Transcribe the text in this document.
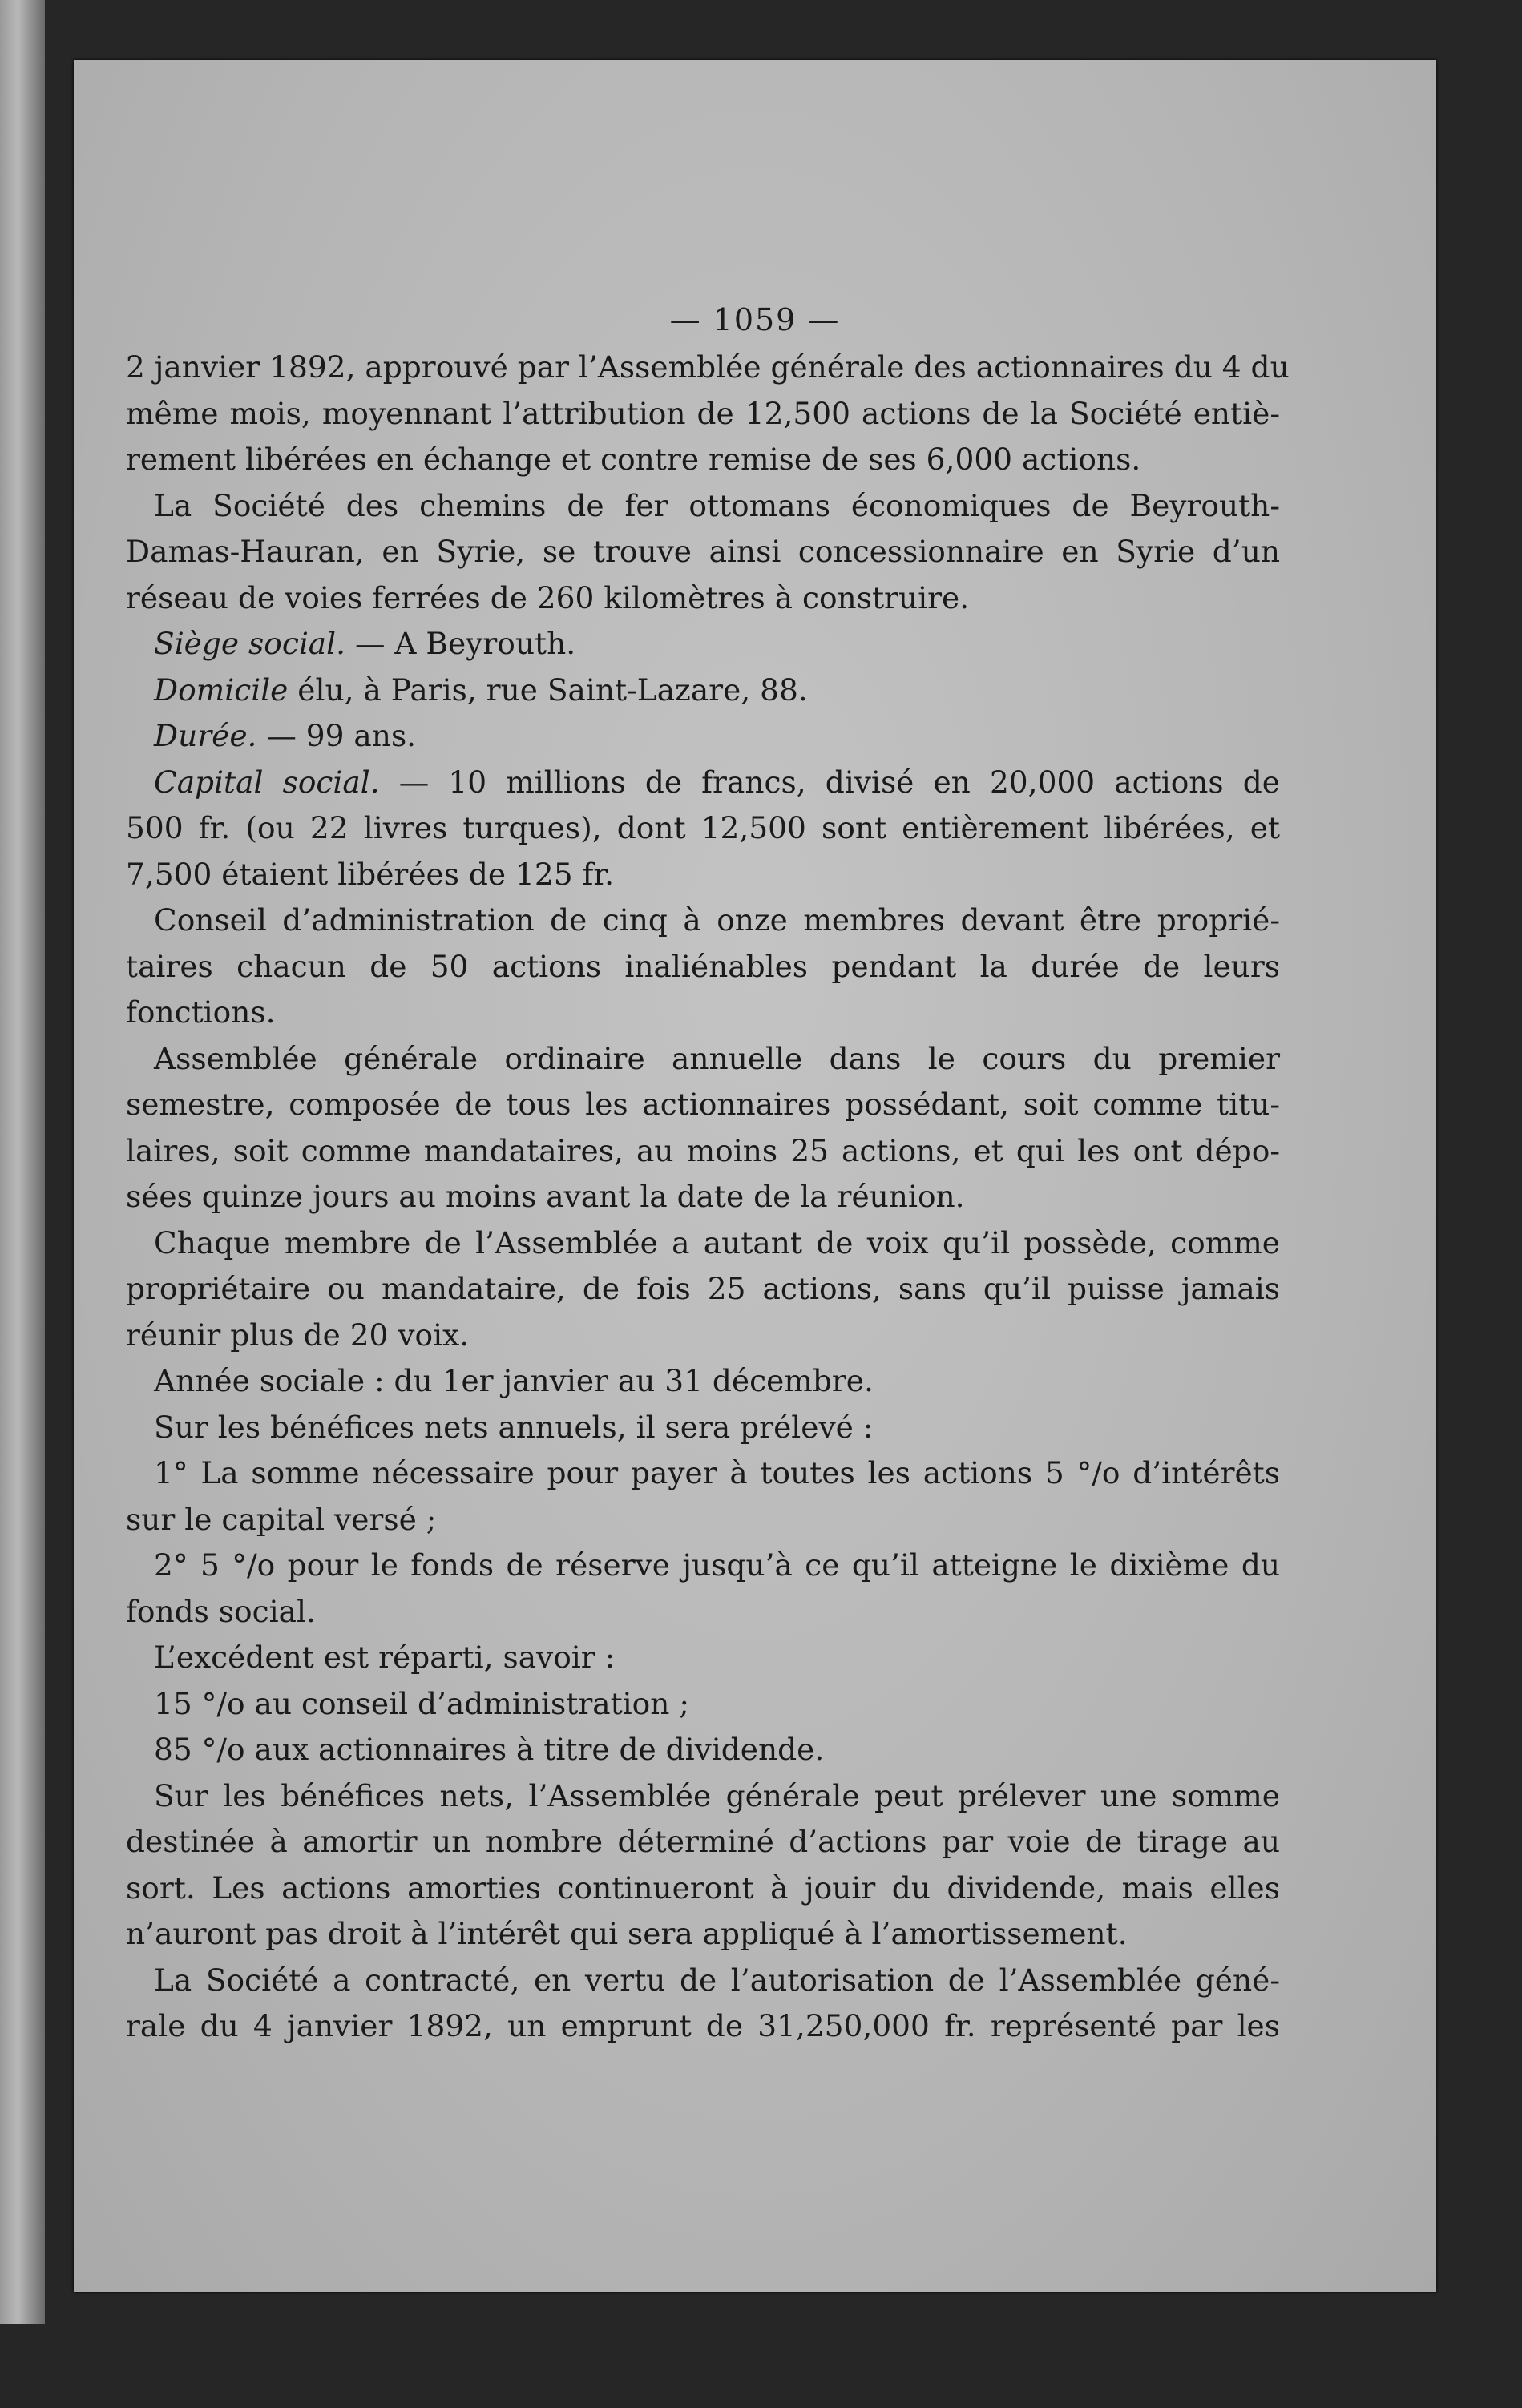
— 1059 —
2 janvier 1892, approuvé par l’Assemblée générale des actionnaires du 4 du
même mois, moyennant l’attribution de 12,500 actions de la Société entiè-
rement libérées en échange et contre remise de ses 6,000 actions.
La Société des chemins de fer ottomans économiques de Beyrouth-
Damas-Hauran, en Syrie, se trouve ainsi concessionnaire en Syrie d’un
réseau de voies ferrées de 260 kilomètres à construire.
Siège social. — A Beyrouth.
Domicile élu, à Paris, rue Saint-Lazare, 88.
Durée. — 99 ans.
Capital social. — 10 millions de francs, divisé en 20,000 actions de
500 fr. (ou 22 livres turques), dont 12,500 sont entièrement libérées, et
7,500 étaient libérées de 125 fr.
Conseil d’administration de cinq à onze membres devant être proprié-
taires chacun de 50 actions inaliénables pendant la durée de leurs
fonctions.
Assemblée générale ordinaire annuelle dans le cours du premier
semestre, composée de tous les actionnaires possédant, soit comme titu-
laires, soit comme mandataires, au moins 25 actions, et qui les ont dépo-
sées quinze jours au moins avant la date de la réunion.
Chaque membre de l’Assemblée a autant de voix qu’il possède, comme
propriétaire ou mandataire, de fois 25 actions, sans qu’il puisse jamais
réunir plus de 20 voix.
Année sociale : du 1er janvier au 31 décembre.
Sur les bénéfices nets annuels, il sera prélevé :
1° La somme nécessaire pour payer à toutes les actions 5 °/o d’intérêts
sur le capital versé ;
2° 5 °/o pour le fonds de réserve jusqu’à ce qu’il atteigne le dixième du
fonds social.
L’excédent est réparti, savoir :
15 °/o au conseil d’administration ;
85 °/o aux actionnaires à titre de dividende.
Sur les bénéfices nets, l’Assemblée générale peut prélever une somme
destinée à amortir un nombre déterminé d’actions par voie de tirage au
sort. Les actions amorties continueront à jouir du dividende, mais elles
n’auront pas droit à l’intérêt qui sera appliqué à l’amortissement.
La Société a contracté, en vertu de l’autorisation de l’Assemblée géné-
rale du 4 janvier 1892, un emprunt de 31,250,000 fr. représenté par les
